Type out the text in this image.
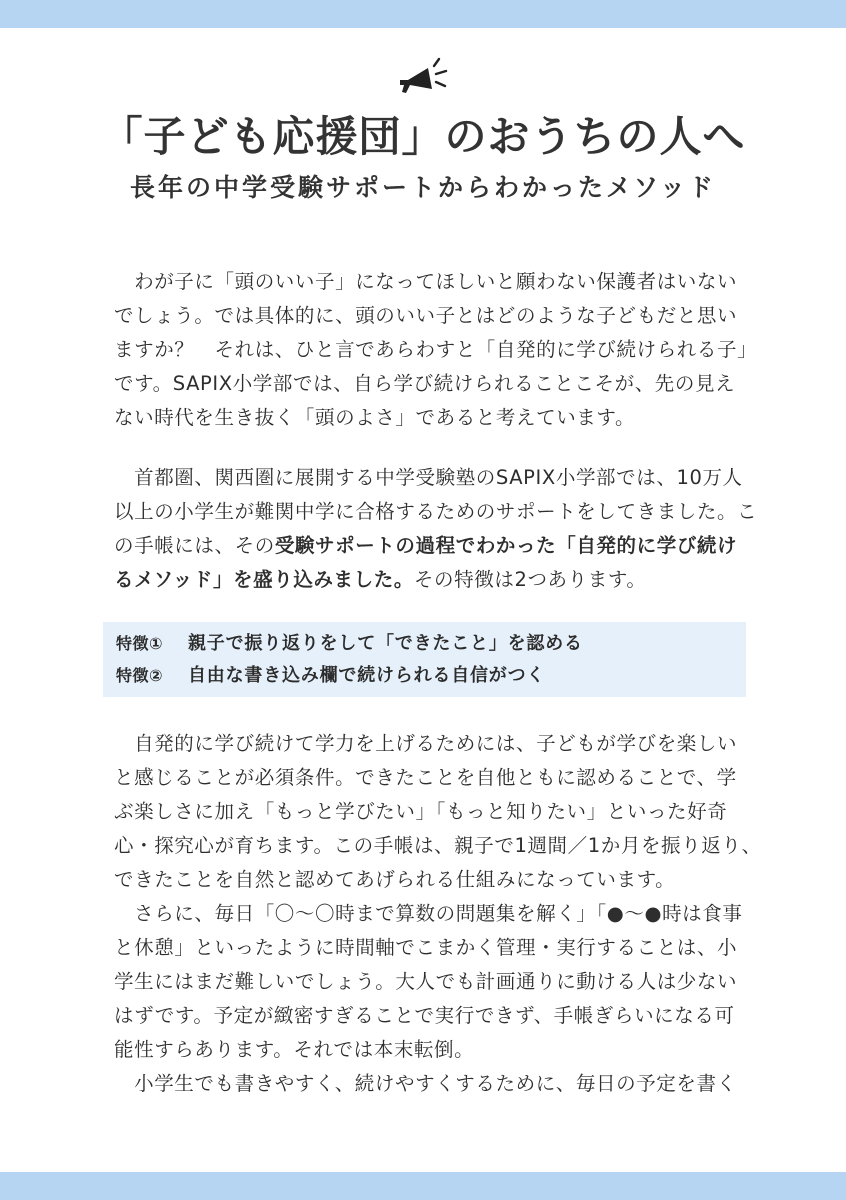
「子ども応援団」のおうちの人へ
長年の中学受験サポートからわかったメソッド
　わが子に「頭のいい子」になってほしいと願わない保護者はいない
でしょう。では具体的に、頭のいい子とはどのような子どもだと思い
ますか？　それは、ひと言であらわすと「自発的に学び続けられる子」
です。SAPIX小学部では、自ら学び続けられることこそが、先の見え
ない時代を生き抜く「頭のよさ」であると考えています。
　首都圏、関西圏に展開する中学受験塾のSAPIX小学部では、10万人
以上の小学生が難関中学に合格するためのサポートをしてきました。こ
の手帳には、その受験サポートの過程でわかった「自発的に学び続け
るメソッド」を盛り込みました。その特徴は2つあります。
特徴① 親子で振り返りをして「できたこと」を認める
特徴② 自由な書き込み欄で続けられる自信がつく
　自発的に学び続けて学力を上げるためには、子どもが学びを楽しい
と感じることが必須条件。できたことを自他ともに認めることで、学
ぶ楽しさに加え「もっと学びたい」「もっと知りたい」といった好奇
心・探究心が育ちます。この手帳は、親子で1週間／1か月を振り返り、
できたことを自然と認めてあげられる仕組みになっています。
　さらに、毎日「〇〜〇時まで算数の問題集を解く」「●〜●時は食事
と休憩」といったように時間軸でこまかく管理・実行することは、小
学生にはまだ難しいでしょう。大人でも計画通りに動ける人は少ない
はずです。予定が緻密すぎることで実行できず、手帳ぎらいになる可
能性すらあります。それでは本末転倒。
　小学生でも書きやすく、続けやすくするために、毎日の予定を書く
